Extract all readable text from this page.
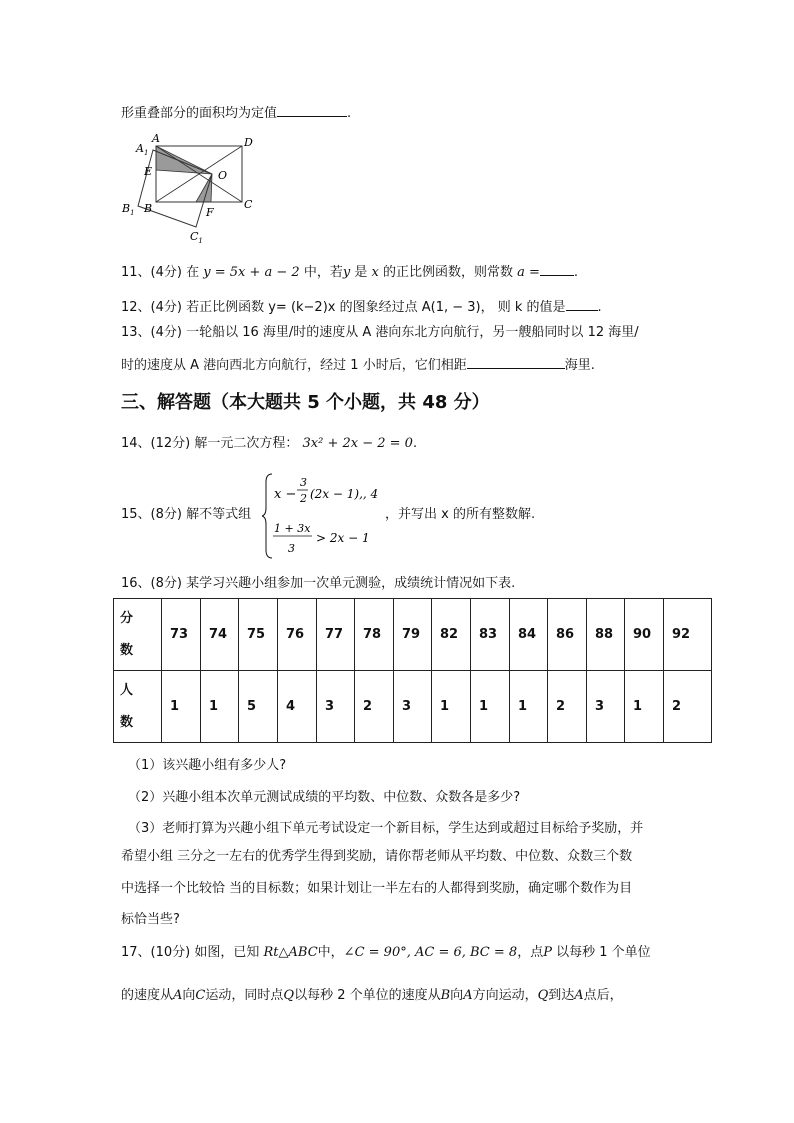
形重叠部分的面积均为定值	.
A	D
$A_1$
E	O
$B_1$ B	F
C
$C_1$
11、(4分) 在 y = 5x + a − 2 中，若y 是 x 的正比例函数，则常数 a =	.
12、(4分) 若正比例函数 y= (k−2)x 的图象经过点 A(1, − 3)， 则 k 的值是 .
13、(4分) 一轮船以 16 海里/时的速度从 A 港向东北方向航行，另一艘船同时以 12 海里/
时的速度从 A 港向西北方向航行，经过 1 小时后，它们相距	海里.
三、解答题（本大题共 5 个小题，共 48 分）
14、(12分) 解一元二次方程： 3x² + 2x − 2 = 0.
15、(8分) 解不等式组
x −
3
2 (2x − 1),, 4
1 + 3x
3
> 2x − 1
，并写出 x 的所有整数解.
16、(8分) 某学习兴趣小组参加一次单元测验，成绩统计情况如下表.
分
数	73	74	75	76	77	78	79	82	83	84	86	88	90	92
人
数	1	1	5	4	3	2	3	1	1	1	2	3	1	2
（1）该兴趣小组有多少人?
（2）兴趣小组本次单元测试成绩的平均数、中位数、众数各是多少?
（3）老师打算为兴趣小组下单元考试设定一个新目标，学生达到或超过目标给予奖励，并
希望小组 三分之一左右的优秀学生得到奖励，请你帮老师从平均数、中位数、众数三个数
中选择一个比较恰 当的目标数；如果计划让一半左右的人都得到奖励，确定哪个数作为目
标恰当些?
17、(10分) 如图，已知 Rt△ABC中，∠C = 90°, AC = 6, BC = 8，点P 以每秒 1 个单位
的速度从A向C运动，同时点Q以每秒 2 个单位的速度从B向A方向运动，Q到达A点后，
